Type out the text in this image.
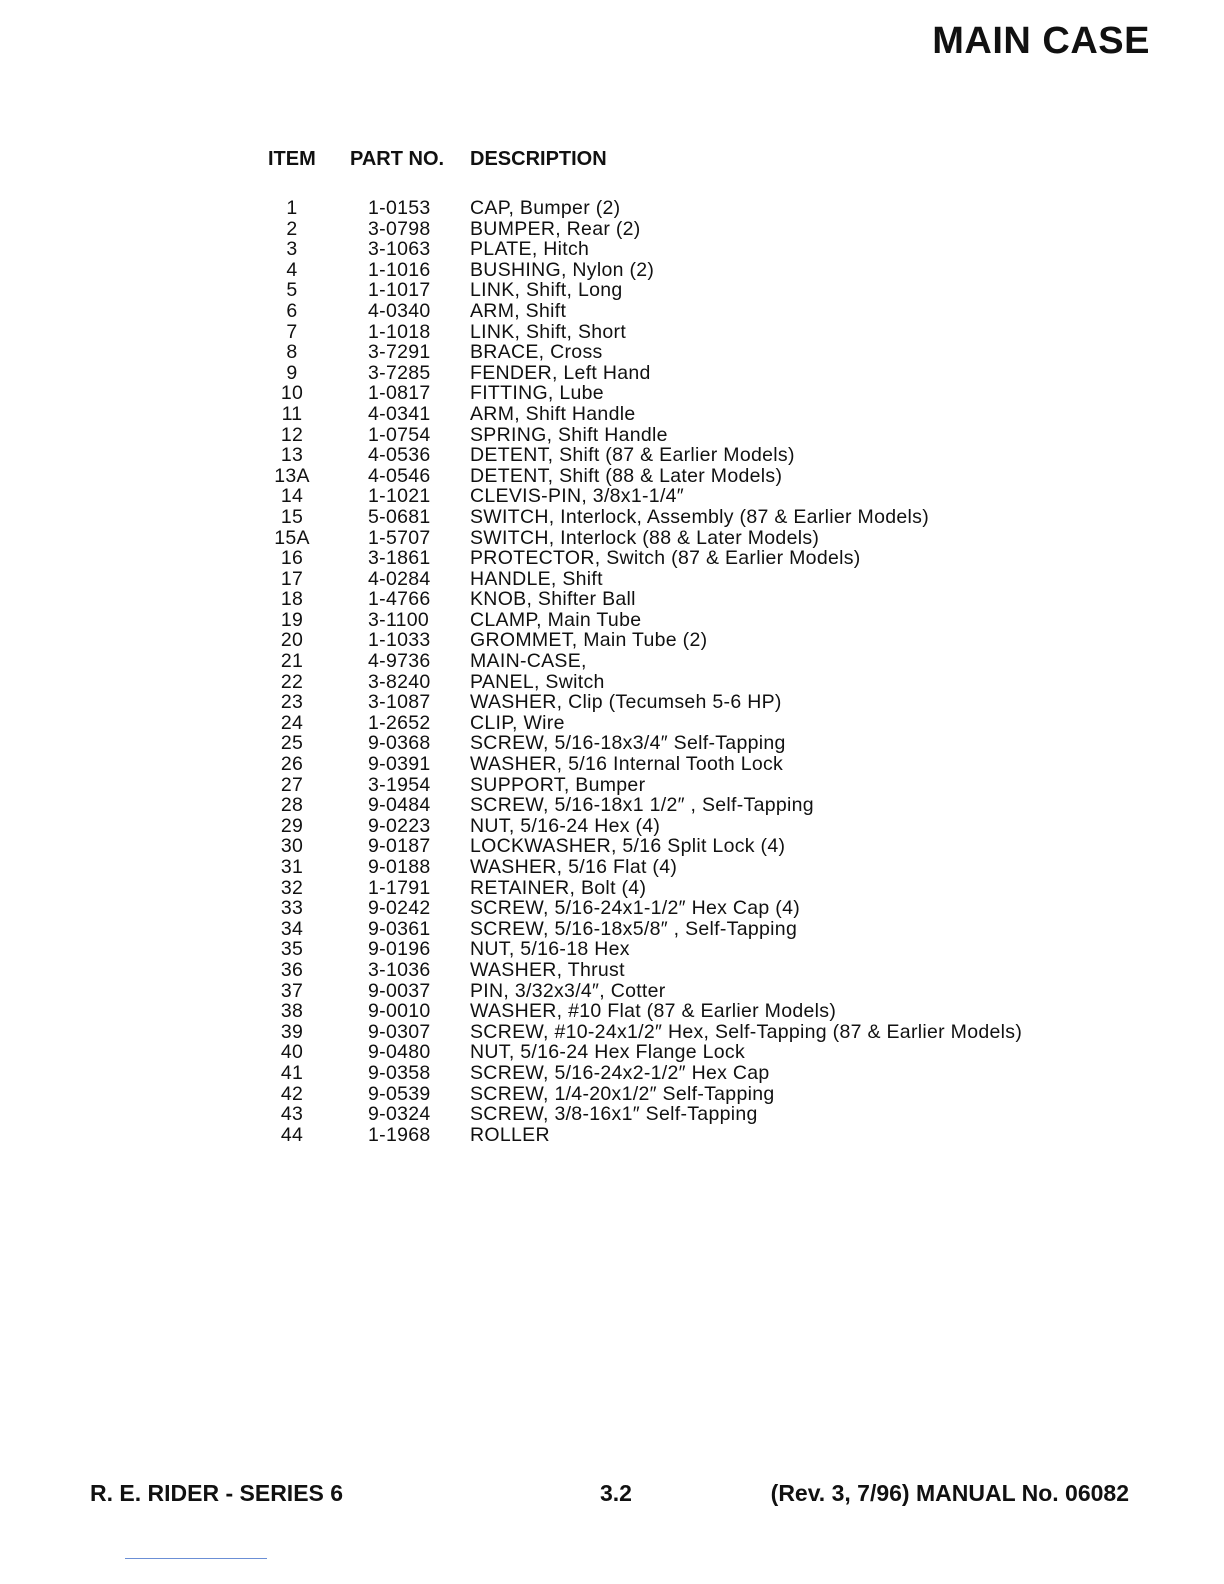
MAIN CASE
ITEM PART NO. DESCRIPTION
1	1-0153 CAP, Bumper (2)
2	3-0798 BUMPER, Rear (2)
3	3-1063 PLATE, Hitch
4	1-1016 BUSHING, Nylon (2)
5	1-1017 LINK, Shift, Long
6	4-0340 ARM, Shift
7	1-1018 LINK, Shift, Short
8	3-7291 BRACE, Cross
9	3-7285 FENDER, Left Hand
10	1-0817 FITTING, Lube
11	4-0341 ARM, Shift Handle
12	1-0754 SPRING, Shift Handle
13	4-0536 DETENT, Shift (87 & Earlier Models)
13A	4-0546 DETENT, Shift (88 & Later Models)
14	1-1021 CLEVIS-PIN, 3/8x1-1/4″
15	5-0681 SWITCH, Interlock, Assembly (87 & Earlier Models)
15A	1-5707 SWITCH, Interlock (88 & Later Models)
16	3-1861 PROTECTOR, Switch (87 & Earlier Models)
17	4-0284 HANDLE, Shift
18	1-4766 KNOB, Shifter Ball
19	3-1100 CLAMP, Main Tube
20	1-1033 GROMMET, Main Tube (2)
21	4-9736 MAIN-CASE,
22	3-8240 PANEL, Switch
23	3-1087 WASHER, Clip (Tecumseh 5-6 HP)
24	1-2652 CLIP, Wire
25	9-0368 SCREW, 5/16-18x3/4″ Self-Tapping
26	9-0391 WASHER, 5/16 Internal Tooth Lock
27	3-1954 SUPPORT, Bumper
28	9-0484 SCREW, 5/16-18x1 1/2″ , Self-Tapping
29	9-0223 NUT, 5/16-24 Hex (4)
30	9-0187 LOCKWASHER, 5/16 Split Lock (4)
31	9-0188 WASHER, 5/16 Flat (4)
32	1-1791 RETAINER, Bolt (4)
33	9-0242 SCREW, 5/16-24x1-1/2″ Hex Cap (4)
34	9-0361 SCREW, 5/16-18x5/8″ , Self-Tapping
35	9-0196 NUT, 5/16-18 Hex
36	3-1036 WASHER, Thrust
37	9-0037 PIN, 3/32x3/4″, Cotter
38	9-0010 WASHER, #10 Flat (87 & Earlier Models)
39	9-0307 SCREW, #10-24x1/2″ Hex, Self-Tapping (87 & Earlier Models)
40	9-0480 NUT, 5/16-24 Hex Flange Lock
41	9-0358 SCREW, 5/16-24x2-1/2″ Hex Cap
42	9-0539 SCREW, 1/4-20x1/2″ Self-Tapping
43	9-0324 SCREW, 3/8-16x1″ Self-Tapping
44	1-1968 ROLLER
R. E. RIDER - SERIES 6	3.2	(Rev. 3, 7/96) MANUAL No. 06082
